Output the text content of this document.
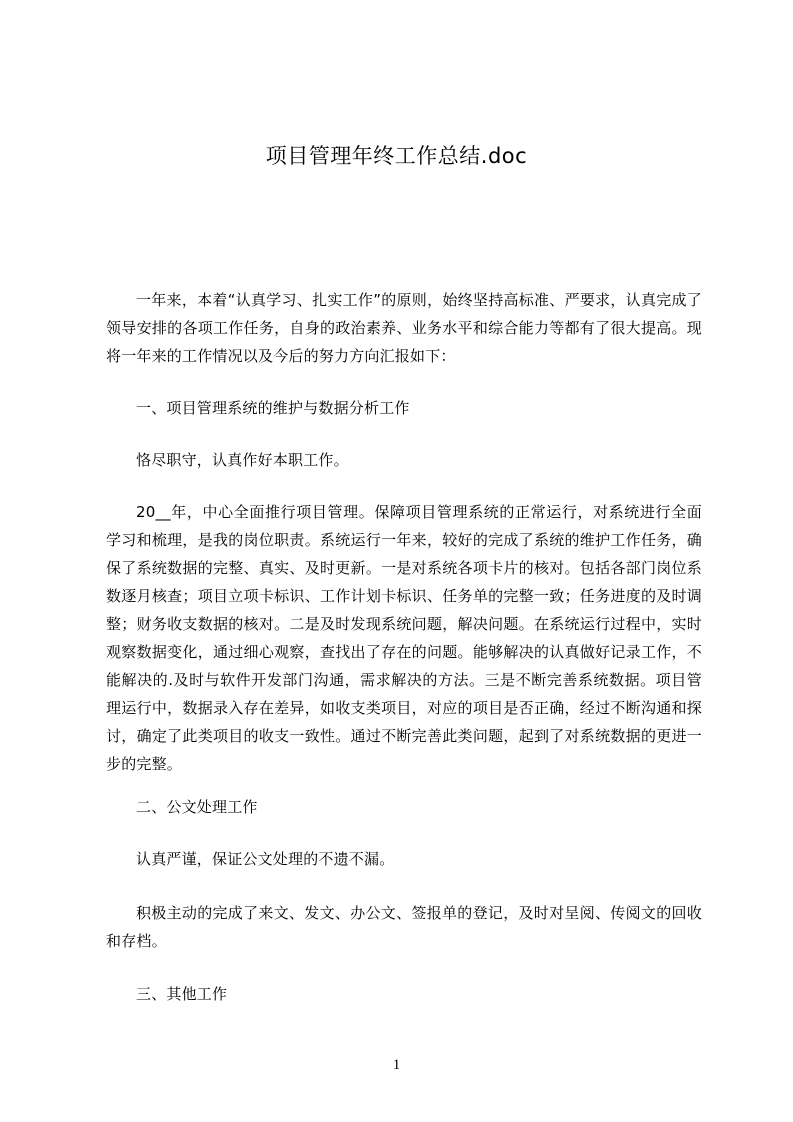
项目管理年终工作总结.doc

一年来，本着“认真学习、扎实工作”的原则，始终坚持高标准、严要求，认真完成了领导安排的各项工作任务，自身的政治素养、业务水平和综合能力等都有了很大提高。现将一年来的工作情况以及今后的努力方向汇报如下：

一、项目管理系统的维护与数据分析工作

恪尽职守，认真作好本职工作。

20__年，中心全面推行项目管理。保障项目管理系统的正常运行，对系统进行全面学习和梳理，是我的岗位职责。系统运行一年来，较好的完成了系统的维护工作任务，确保了系统数据的完整、真实、及时更新。一是对系统各项卡片的核对。包括各部门岗位系数逐月核查；项目立项卡标识、工作计划卡标识、任务单的完整一致；任务进度的及时调整；财务收支数据的核对。二是及时发现系统问题，解决问题。在系统运行过程中，实时观察数据变化，通过细心观察，查找出了存在的问题。能够解决的认真做好记录工作，不能解决的.及时与软件开发部门沟通，需求解决的方法。三是不断完善系统数据。项目管理运行中，数据录入存在差异，如收支类项目，对应的项目是否正确，经过不断沟通和探讨，确定了此类项目的收支一致性。通过不断完善此类问题，起到了对系统数据的更进一步的完整。

二、公文处理工作

认真严谨，保证公文处理的不遗不漏。

积极主动的完成了来文、发文、办公文、签报单的登记，及时对呈阅、传阅文的回收和存档。

三、其他工作

1
